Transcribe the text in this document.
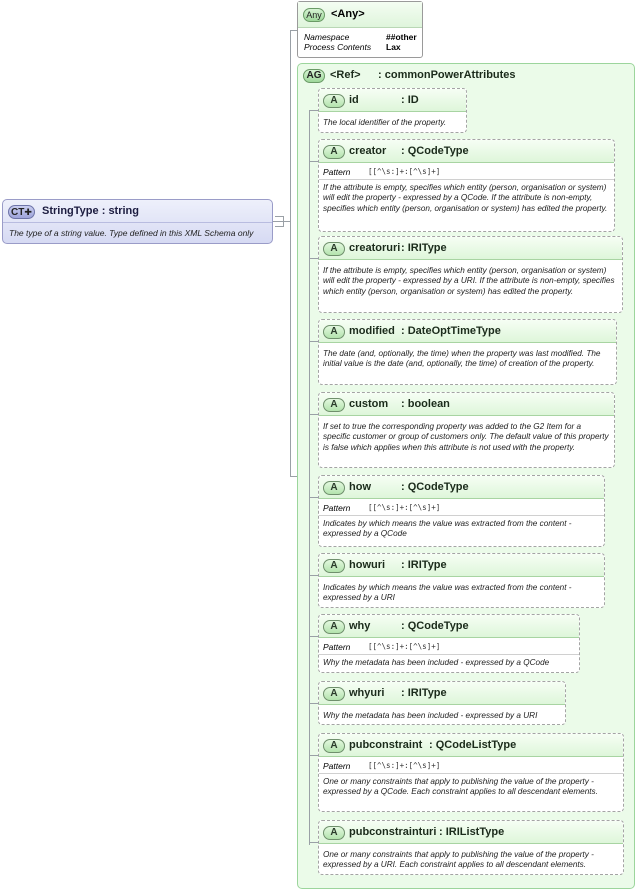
CT✚ StringType : string
The type of a string value. Type defined in this XML Schema only
Any <Any>
Namespace	##other
Process Contents Lax
AG <Ref> : commonPowerAttributes
A	id	: ID
The local identifier of the property.
A	creator : QCodeType
Pattern [[^\s:]+:[^\s]+]
If the attribute is empty, specifies which entity (person, organisation or system) will edit the property - expressed by a QCode. If the attribute is non-empty, specifies which entity (person, organisation or system) has edited the property.
A	creatoruri : IRIType
If the attribute is empty, specifies which entity (person, organisation or system) will edit the property - expressed by a URI. If the attribute is non-empty, specifies which entity (person, organisation or system) has edited the property.
A	modified : DateOptTimeType
The date (and, optionally, the time) when the property was last modified. The initial value is the date (and, optionally, the time) of creation of the property.
A	custom : boolean
If set to true the corresponding property was added to the G2 Item for a specific customer or group of customers only. The default value of this property is false which applies when this attribute is not used with the property.
A	how	: QCodeType
Pattern [[^\s:]+:[^\s]+]
Indicates by which means the value was extracted from the content - expressed by a QCode
A	howuri : IRIType
Indicates by which means the value was extracted from the content - expressed by a URI
A	why	: QCodeType
Pattern [[^\s:]+:[^\s]+]
Why the metadata has been included - expressed by a QCode
A	whyuri : IRIType
Why the metadata has been included - expressed by a URI
A	pubconstraint : QCodeListType
Pattern [[^\s:]+:[^\s]+]
One or many constraints that apply to publishing the value of the property - expressed by a QCode. Each constraint applies to all descendant elements.
A	pubconstrainturi : IRIListType
One or many constraints that apply to publishing the value of the property - expressed by a URI. Each constraint applies to all descendant elements.
